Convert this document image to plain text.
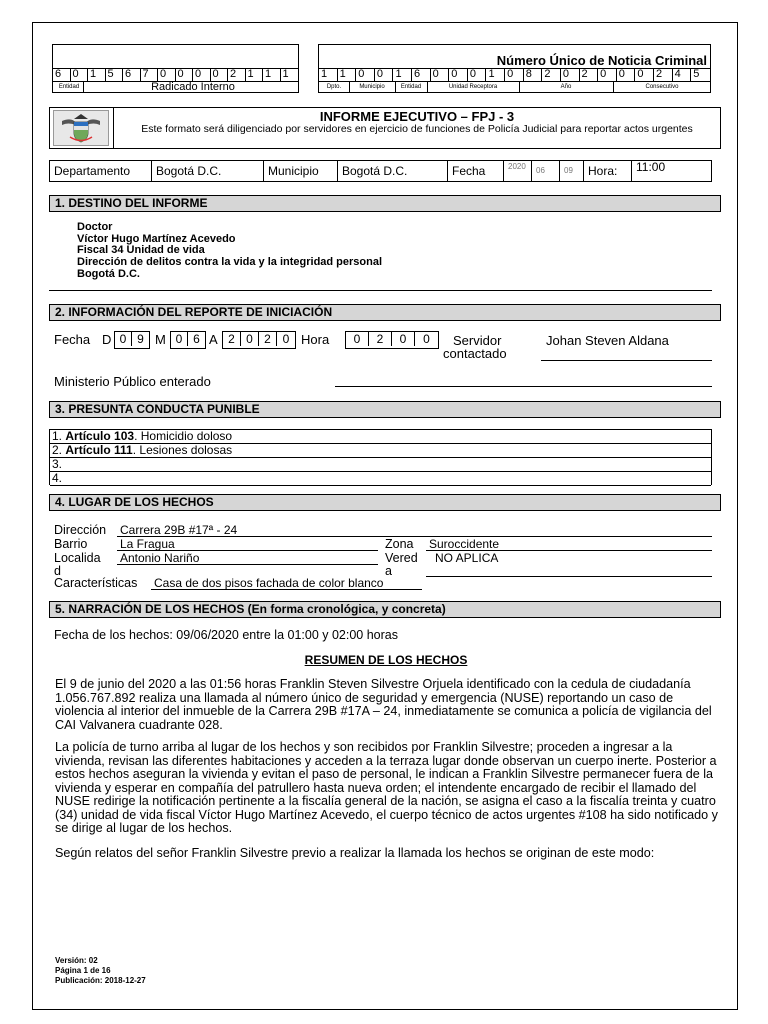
6	0	1	5	6	7	0	0	0	0	2	1	1	1
Entidad	Radicado Interno
Número Único de Noticia Criminal
1	1	0	0	1	6	0	0	0	1	0	8	2	0	2	0	0	0	2	4	5
Dpto.	Municipio	Entidad	Unidad Receptora	Año	Consecutivo
INFORME EJECUTIVO – FPJ - 3
Este formato será diligenciado por servidores en ejercicio de funciones de Policía Judicial para reportar actos urgentes
Departamento	Bogotá D.C.	Municipio	Bogotá D.C.	Fecha	2020	06	09	Hora:	11:00
1. DESTINO DEL INFORME
Doctor
Víctor Hugo Martínez Acevedo
Fiscal 34 Unidad de vida
Dirección de delitos contra la vida y la integridad personal
Bogotá D.C.
2. INFORMACIÓN DEL REPORTE DE INICIACIÓN
Fecha D 0 9 M 0 6 A 2 0 2 0 Hora	0	2	0	0	Servidor
contactado
Johan Steven Aldana
Ministerio Público enterado
3. PRESUNTA CONDUCTA PUNIBLE
1. Artículo 103. Homicidio doloso
2. Artículo 111. Lesiones dolosas
3.
4.
4. LUGAR DE LOS HECHOS
Dirección Carrera 29B #17ª - 24
Barrio	La Fragua	Zona Suroccidente
Localida
d
Antonio Nariño	Vered
a
NO APLICA
Características Casa de dos pisos fachada de color blanco
5. NARRACIÓN DE LOS HECHOS (En forma cronológica, y concreta)
Fecha de los hechos: 09/06/2020 entre la 01:00 y 02:00 horas
RESUMEN DE LOS HECHOS
El 9 de junio del 2020 a las 01:56 horas Franklin Steven Silvestre Orjuela identificado con la cedula de ciudadanía 1.056.767.892 realiza una llamada al número único de seguridad y emergencia (NUSE) reportando un caso de violencia al interior del inmueble de la Carrera 29B #17A – 24, inmediatamente se comunica a policía de vigilancia del CAI Valvanera cuadrante 028.
La policía de turno arriba al lugar de los hechos y son recibidos por Franklin Silvestre; proceden a ingresar a la vivienda, revisan las diferentes habitaciones y acceden a la terraza lugar donde observan un cuerpo inerte. Posterior a estos hechos aseguran la vivienda y evitan el paso de personal, le indican a Franklin Silvestre permanecer fuera de la vivienda y esperar en compañía del patrullero hasta nueva orden; el intendente encargado de recibir el llamado del NUSE redirige la notificación pertinente a la fiscalía general de la nación, se asigna el caso a la fiscalía treinta y cuatro (34) unidad de vida fiscal Víctor Hugo Martínez Acevedo, el cuerpo técnico de actos urgentes #108 ha sido notificado y se dirige al lugar de los hechos.
Según relatos del señor Franklin Silvestre previo a realizar la llamada los hechos se originan de este modo:
Versión: 02
Página 1 de 16
Publicación: 2018-12-27
